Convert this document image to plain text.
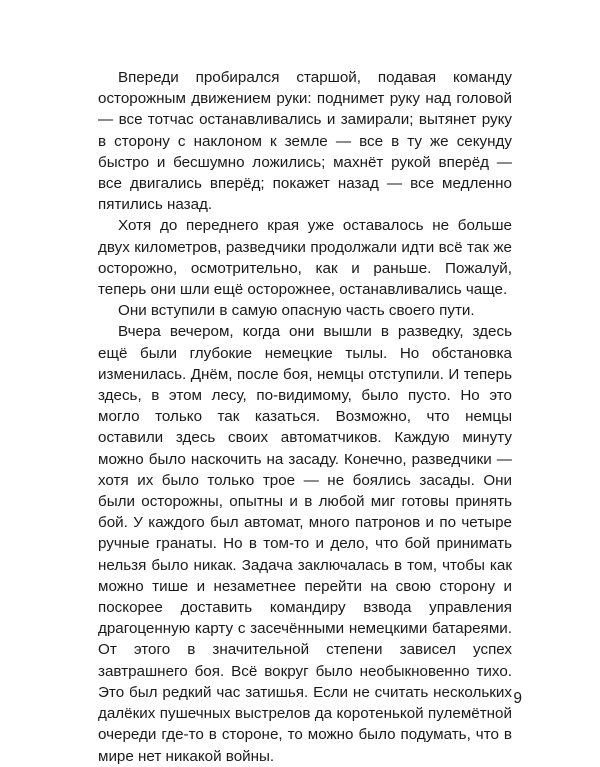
Впереди пробирался старшой, подавая команду осторожным движением руки: поднимет руку над головой — все тотчас останавливались и замирали; вытянет руку в сторону с наклоном к земле — все в ту же секунду быстро и бесшумно ложились; махнёт рукой вперёд — все двигались вперёд; покажет назад — все медленно пятились назад.

Хотя до переднего края уже оставалось не больше двух километров, разведчики продолжали идти всё так же осторожно, осмотрительно, как и раньше. Пожалуй, теперь они шли ещё осторожнее, останавливались чаще.

Они вступили в самую опасную часть своего пути.

Вчера вечером, когда они вышли в разведку, здесь ещё были глубокие немецкие тылы. Но обстановка изменилась. Днём, после боя, немцы отступили. И теперь здесь, в этом лесу, по-видимому, было пусто. Но это могло только так казаться. Возможно, что немцы оставили здесь своих автоматчиков. Каждую минуту можно было наскочить на засаду. Конечно, разведчики — хотя их было только трое — не боялись засады. Они были осторожны, опытны и в любой миг готовы принять бой. У каждого был автомат, много патронов и по четыре ручные гранаты. Но в том-то и дело, что бой принимать нельзя было никак. Задача заключалась в том, чтобы как можно тише и незаметнее перейти на свою сторону и поскорее доставить командиру взвода управления драгоценную карту с засечёнными немецкими батареями. От этого в значительной степени зависел успех завтрашнего боя. Всё вокруг было необыкновенно тихо. Это был редкий час затишья. Если не считать нескольких далёких пушечных выстрелов да коротенькой пулемётной очереди где-то в стороне, то можно было подумать, что в мире нет никакой войны.

9
